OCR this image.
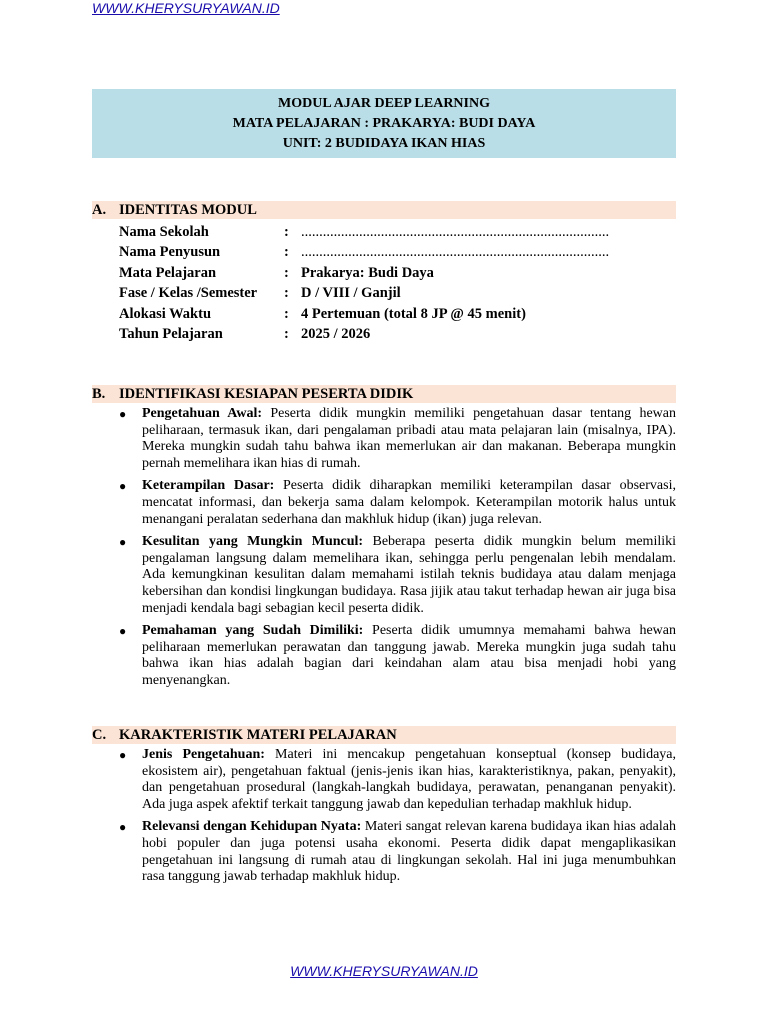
WWW.KHERYSURYAWAN.ID
MODUL AJAR DEEP LEARNING
MATA PELAJARAN : PRAKARYA: BUDI DAYA
UNIT: 2 BUDIDAYA IKAN HIAS
A. IDENTITAS MODUL
Nama Sekolah	: .....................................................................................
Nama Penyusun	: .....................................................................................
Mata Pelajaran	: Prakarya: Budi Daya
Fase / Kelas /Semester : D / VIII / Ganjil
Alokasi Waktu	: 4 Pertemuan (total 8 JP @ 45 menit)
Tahun Pelajaran	: 2025 / 2026
B. IDENTIFIKASI KESIAPAN PESERTA DIDIK
● Pengetahuan Awal: Peserta didik mungkin memiliki pengetahuan dasar tentang hewan peliharaan, termasuk ikan, dari pengalaman pribadi atau mata pelajaran lain (misalnya, IPA). Mereka mungkin sudah tahu bahwa ikan memerlukan air dan makanan. Beberapa mungkin pernah memelihara ikan hias di rumah.
● Keterampilan Dasar: Peserta didik diharapkan memiliki keterampilan dasar observasi, mencatat informasi, dan bekerja sama dalam kelompok. Keterampilan motorik halus untuk menangani peralatan sederhana dan makhluk hidup (ikan) juga relevan.
● Kesulitan yang Mungkin Muncul: Beberapa peserta didik mungkin belum memiliki pengalaman langsung dalam memelihara ikan, sehingga perlu pengenalan lebih mendalam. Ada kemungkinan kesulitan dalam memahami istilah teknis budidaya atau dalam menjaga kebersihan dan kondisi lingkungan budidaya. Rasa jijik atau takut terhadap hewan air juga bisa menjadi kendala bagi sebagian kecil peserta didik.
● Pemahaman yang Sudah Dimiliki: Peserta didik umumnya memahami bahwa hewan peliharaan memerlukan perawatan dan tanggung jawab. Mereka mungkin juga sudah tahu bahwa ikan hias adalah bagian dari keindahan alam atau bisa menjadi hobi yang menyenangkan.
C. KARAKTERISTIK MATERI PELAJARAN
● Jenis Pengetahuan: Materi ini mencakup pengetahuan konseptual (konsep budidaya, ekosistem air), pengetahuan faktual (jenis-jenis ikan hias, karakteristiknya, pakan, penyakit), dan pengetahuan prosedural (langkah-langkah budidaya, perawatan, penanganan penyakit). Ada juga aspek afektif terkait tanggung jawab dan kepedulian terhadap makhluk hidup.
● Relevansi dengan Kehidupan Nyata: Materi sangat relevan karena budidaya ikan hias adalah hobi populer dan juga potensi usaha ekonomi. Peserta didik dapat mengaplikasikan pengetahuan ini langsung di rumah atau di lingkungan sekolah. Hal ini juga menumbuhkan rasa tanggung jawab terhadap makhluk hidup.
WWW.KHERYSURYAWAN.ID
